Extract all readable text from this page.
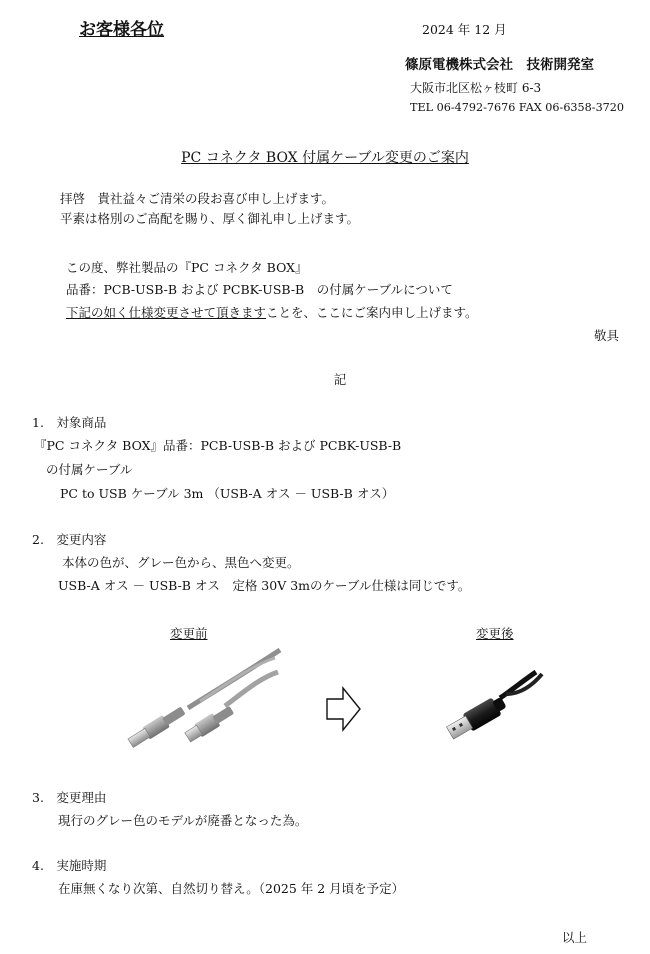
お客様各位	2024 年 12 月
篠原電機株式会社　技術開発室
大阪市北区松ヶ枝町 6-3
TEL 06-4792-7676 FAX 06-6358-3720
PC コネクタ BOX 付属ケーブル変更のご案内
拝啓　貴社益々ご清栄の段お喜び申し上げます。
平素は格別のご高配を賜り、厚く御礼申し上げます。
この度、弊社製品の『PC コネクタ BOX』
品番：PCB-USB-B および PCBK-USB-B　の付属ケーブルについて
下記の如く仕様変更させて頂きますことを、ここにご案内申し上げます。
敬具
記
1.　対象商品
『PC コネクタ BOX』品番：PCB-USB-B および PCBK-USB-B
の付属ケーブル
PC to USB ケーブル 3m （USB-A オス － USB-B オス）
2.　変更内容
本体の色が、グレー色から、黒色へ変更。
USB-A オス － USB-B オス　定格 30V 3mのケーブル仕様は同じです。
変更前	変更後
3.　変更理由
現行のグレー色のモデルが廃番となった為。
4.　実施時期
在庫無くなり次第、自然切り替え。（2025 年 2 月頃を予定）
以上
